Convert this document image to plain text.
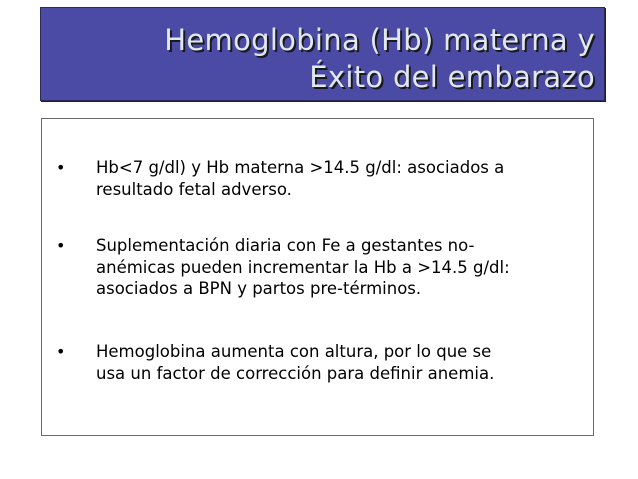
Hemoglobina (Hb) materna y
Éxito del embarazo
• Hb<7 g/dl) y Hb materna >14.5 g/dl: asociados a
resultado fetal adverso.
• Suplementación diaria con Fe a gestantes no-
anémicas pueden incrementar la Hb a >14.5 g/dl:
asociados a BPN y partos pre-términos.
• Hemoglobina aumenta con altura, por lo que se
usa un factor de corrección para definir anemia.
